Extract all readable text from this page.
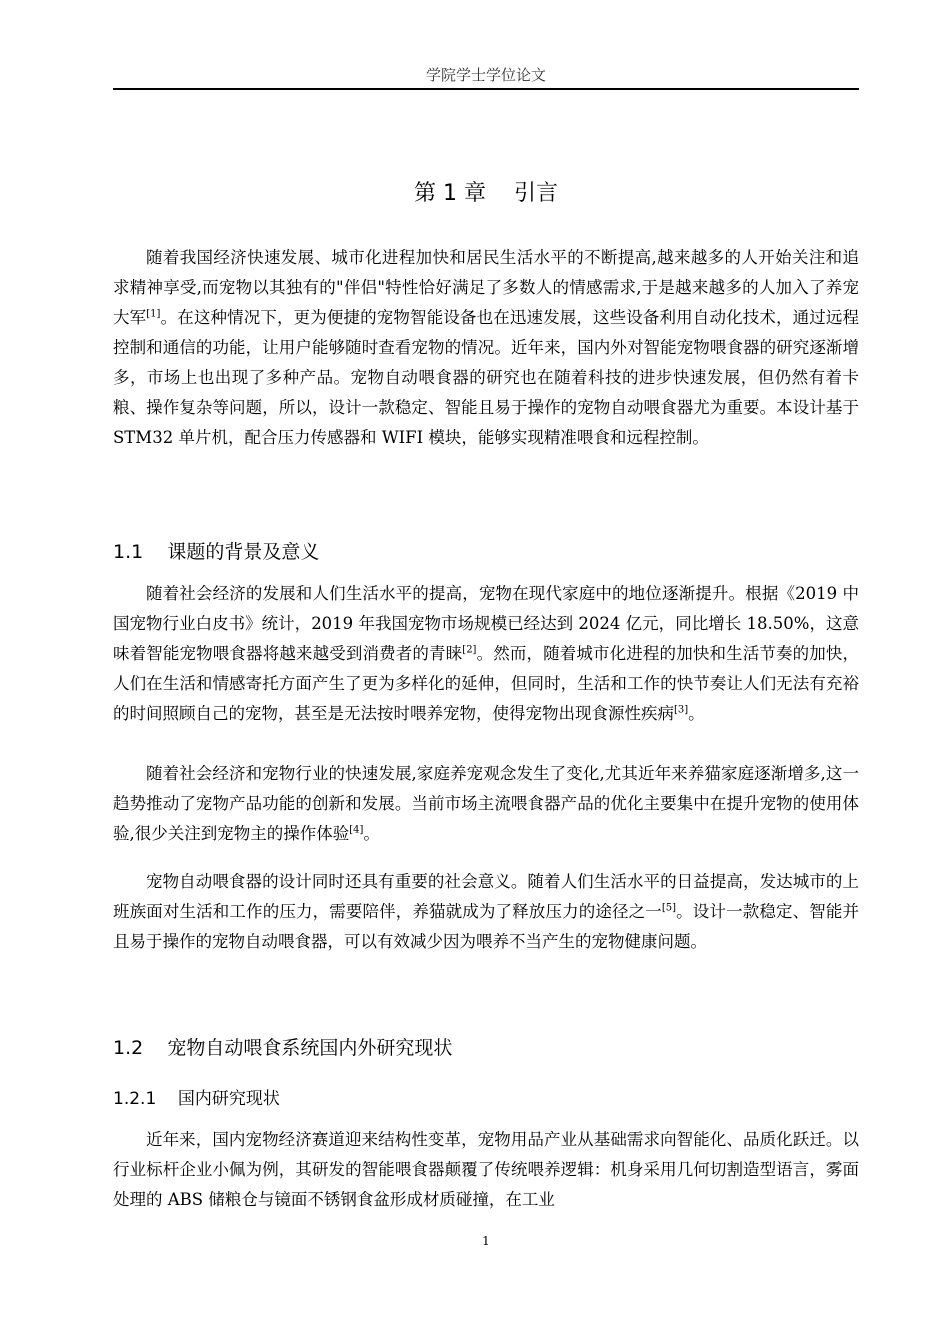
学院学士学位论文
第 1 章    引言

随着我国经济快速发展、城市化进程加快和居民生活水平的不断提高,越来越多的人开始关注和追求精神享受,而宠物以其独有的"伴侣"特性恰好满足了多数人的情感需求,于是越来越多的人加入了养宠大军[1]。在这种情况下，更为便捷的宠物智能设备也在迅速发展，这些设备利用自动化技术，通过远程控制和通信的功能，让用户能够随时查看宠物的情况。近年来，国内外对智能宠物喂食器的研究逐渐增多，市场上也出现了多种产品。宠物自动喂食器的研究也在随着科技的进步快速发展，但仍然有着卡粮、操作复杂等问题，所以，设计一款稳定、智能且易于操作的宠物自动喂食器尤为重要。本设计基于 STM32 单片机，配合压力传感器和 WIFI 模块，能够实现精准喂食和远程控制。

1.1    课题的背景及意义

随着社会经济的发展和人们生活水平的提高，宠物在现代家庭中的地位逐渐提升。根据《2019 中国宠物行业白皮书》统计，2019 年我国宠物市场规模已经达到 2024 亿元，同比增长 18.50%，这意味着智能宠物喂食器将越来越受到消费者的青睐[2]。然而，随着城市化进程的加快和生活节奏的加快，人们在生活和情感寄托方面产生了更为多样化的延伸，但同时，生活和工作的快节奏让人们无法有充裕的时间照顾自己的宠物，甚至是无法按时喂养宠物，使得宠物出现食源性疾病[3]。

随着社会经济和宠物行业的快速发展,家庭养宠观念发生了变化,尤其近年来养猫家庭逐渐增多,这一趋势推动了宠物产品功能的创新和发展。当前市场主流喂食器产品的优化主要集中在提升宠物的使用体验,很少关注到宠物主的操作体验[4]。

宠物自动喂食器的设计同时还具有重要的社会意义。随着人们生活水平的日益提高，发达城市的上班族面对生活和工作的压力，需要陪伴，养猫就成为了释放压力的途径之一[5]。设计一款稳定、智能并且易于操作的宠物自动喂食器，可以有效减少因为喂养不当产生的宠物健康问题。

1.2    宠物自动喂食系统国内外研究现状
1.2.1    国内研究现状

近年来，国内宠物经济赛道迎来结构性变革，宠物用品产业从基础需求向智能化、品质化跃迁。以行业标杆企业小佩为例，其研发的智能喂食器颠覆了传统喂养逻辑：机身采用几何切割造型语言，雾面处理的 ABS 储粮仓与镜面不锈钢食盆形成材质碰撞，在工业

1
